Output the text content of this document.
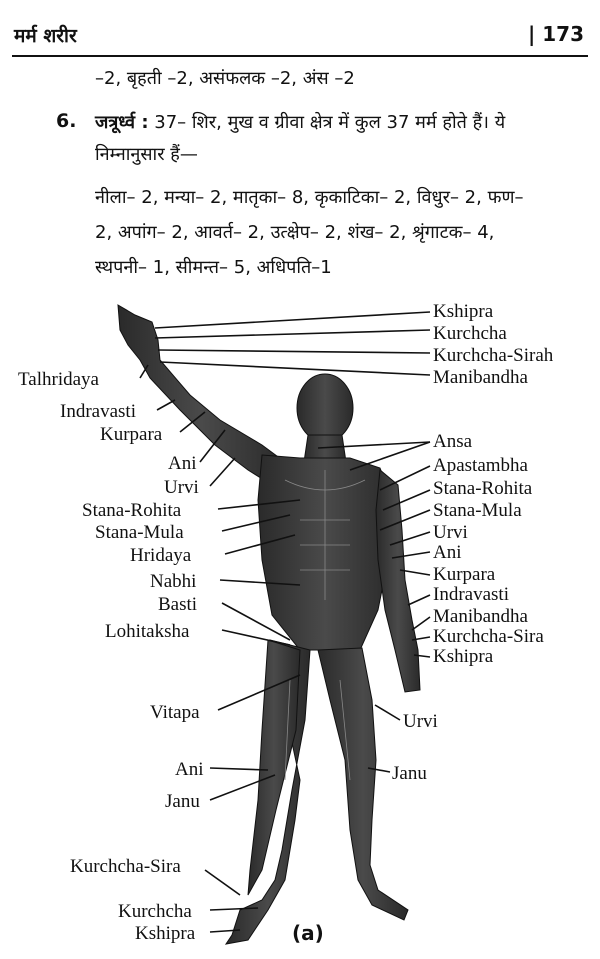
मर्म शरीर	| 173
–2, बृहती –2, असंफलक –2, अंस –2
6. जत्रूर्ध्व : 37– शिर, मुख व ग्रीवा क्षेत्र में कुल 37 मर्म होते हैं। ये
निम्नानुसार हैं—
नीला– 2, मन्या– 2, मातृका– 8, कृकाटिका– 2, विधुर– 2, फण–
2, अपांग– 2, आवर्त– 2, उत्क्षेप– 2, शंख– 2, श्रृंगाटक– 4,
स्थपनी– 1, सीमन्त– 5, अधिपति–1
Talhridaya
Indravasti
Kurpara
Ani
Urvi
Stana-Rohita
Stana-Mula
Hridaya
Nabhi
Basti
Lohitaksha
Vitapa
Ani
Janu
Kurchcha-Sira
Kurchcha
Kshipra
Kshipra
Kurchcha
Kurchcha-Sirah
Manibandha
Ansa
Apastambha
Stana-Rohita
Stana-Mula
Urvi
Ani
Kurpara
Indravasti
Manibandha
Kurchcha-Sira
Kshipra
Urvi
Janu
(a)
